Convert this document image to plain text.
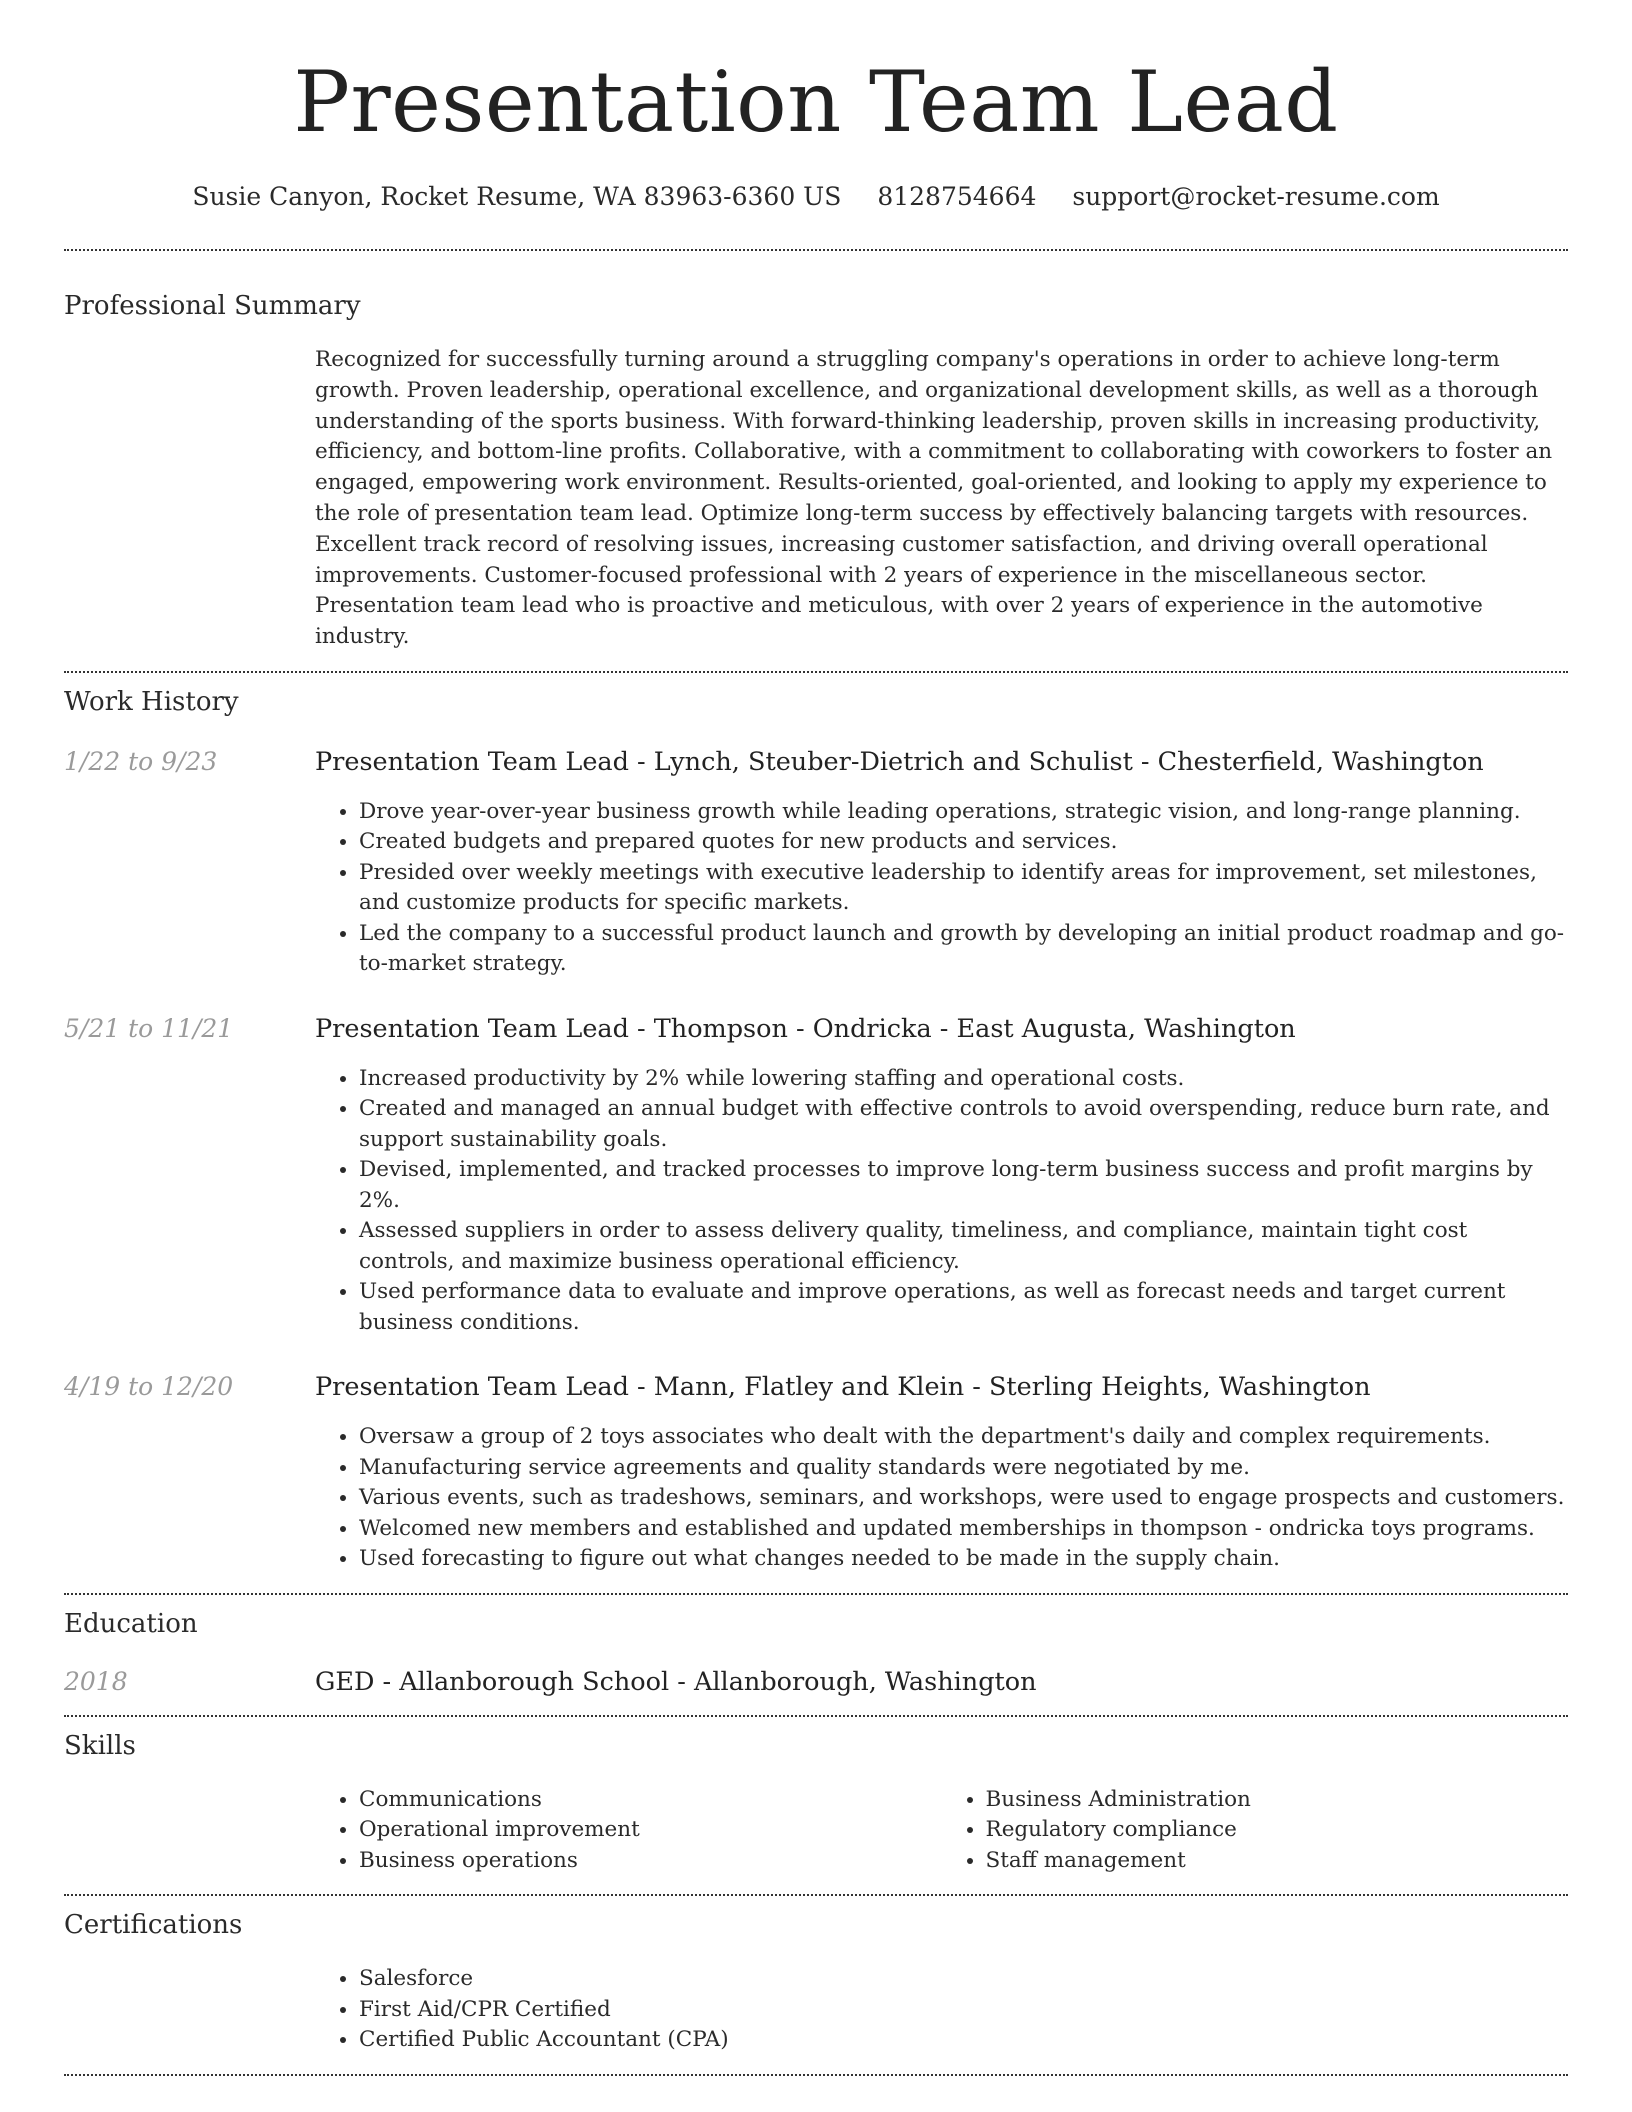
Presentation Team Lead
Susie Canyon, Rocket Resume, WA 83963-6360 US 8128754664 support@rocket-resume.com
Professional Summary

Recognized for successfully turning around a struggling company's operations in order to achieve long-term growth. Proven leadership, operational excellence, and organizational development skills, as well as a thorough understanding of the sports business. With forward-thinking leadership, proven skills in increasing productivity, efficiency, and bottom-line profits. Collaborative, with a commitment to collaborating with coworkers to foster an engaged, empowering work environment. Results-oriented, goal-oriented, and looking to apply my experience to the role of presentation team lead. Optimize long-term success by effectively balancing targets with resources. Excellent track record of resolving issues, increasing customer satisfaction, and driving overall operational improvements. Customer-focused professional with 2 years of experience in the miscellaneous sector. Presentation team lead who is proactive and meticulous, with over 2 years of experience in the automotive industry.

Work History
1/22 to 9/23	Presentation Team Lead - Lynch, Steuber-Dietrich and Schulist - Chesterfield, Washington
• Drove year-over-year business growth while leading operations, strategic vision, and long-range planning.
• Created budgets and prepared quotes for new products and services.
• Presided over weekly meetings with executive leadership to identify areas for improvement, set milestones, and customize products for specific markets.
• Led the company to a successful product launch and growth by developing an initial product roadmap and go-to-market strategy.
5/21 to 11/21	Presentation Team Lead - Thompson - Ondricka - East Augusta, Washington
• Increased productivity by 2% while lowering staffing and operational costs.
• Created and managed an annual budget with effective controls to avoid overspending, reduce burn rate, and support sustainability goals.
• Devised, implemented, and tracked processes to improve long-term business success and profit margins by 2%.
• Assessed suppliers in order to assess delivery quality, timeliness, and compliance, maintain tight cost controls, and maximize business operational efficiency.
• Used performance data to evaluate and improve operations, as well as forecast needs and target current business conditions.
4/19 to 12/20	Presentation Team Lead - Mann, Flatley and Klein - Sterling Heights, Washington
• Oversaw a group of 2 toys associates who dealt with the department's daily and complex requirements.
• Manufacturing service agreements and quality standards were negotiated by me.
• Various events, such as tradeshows, seminars, and workshops, were used to engage prospects and customers.
• Welcomed new members and established and updated memberships in thompson - ondricka toys programs.
• Used forecasting to figure out what changes needed to be made in the supply chain.
Education
2018	GED - Allanborough School - Allanborough, Washington
Skills
• Communications
• Operational improvement
• Business operations
• Business Administration
• Regulatory compliance
• Staff management
Certifications
• Salesforce
• First Aid/CPR Certified
• Certified Public Accountant (CPA)
